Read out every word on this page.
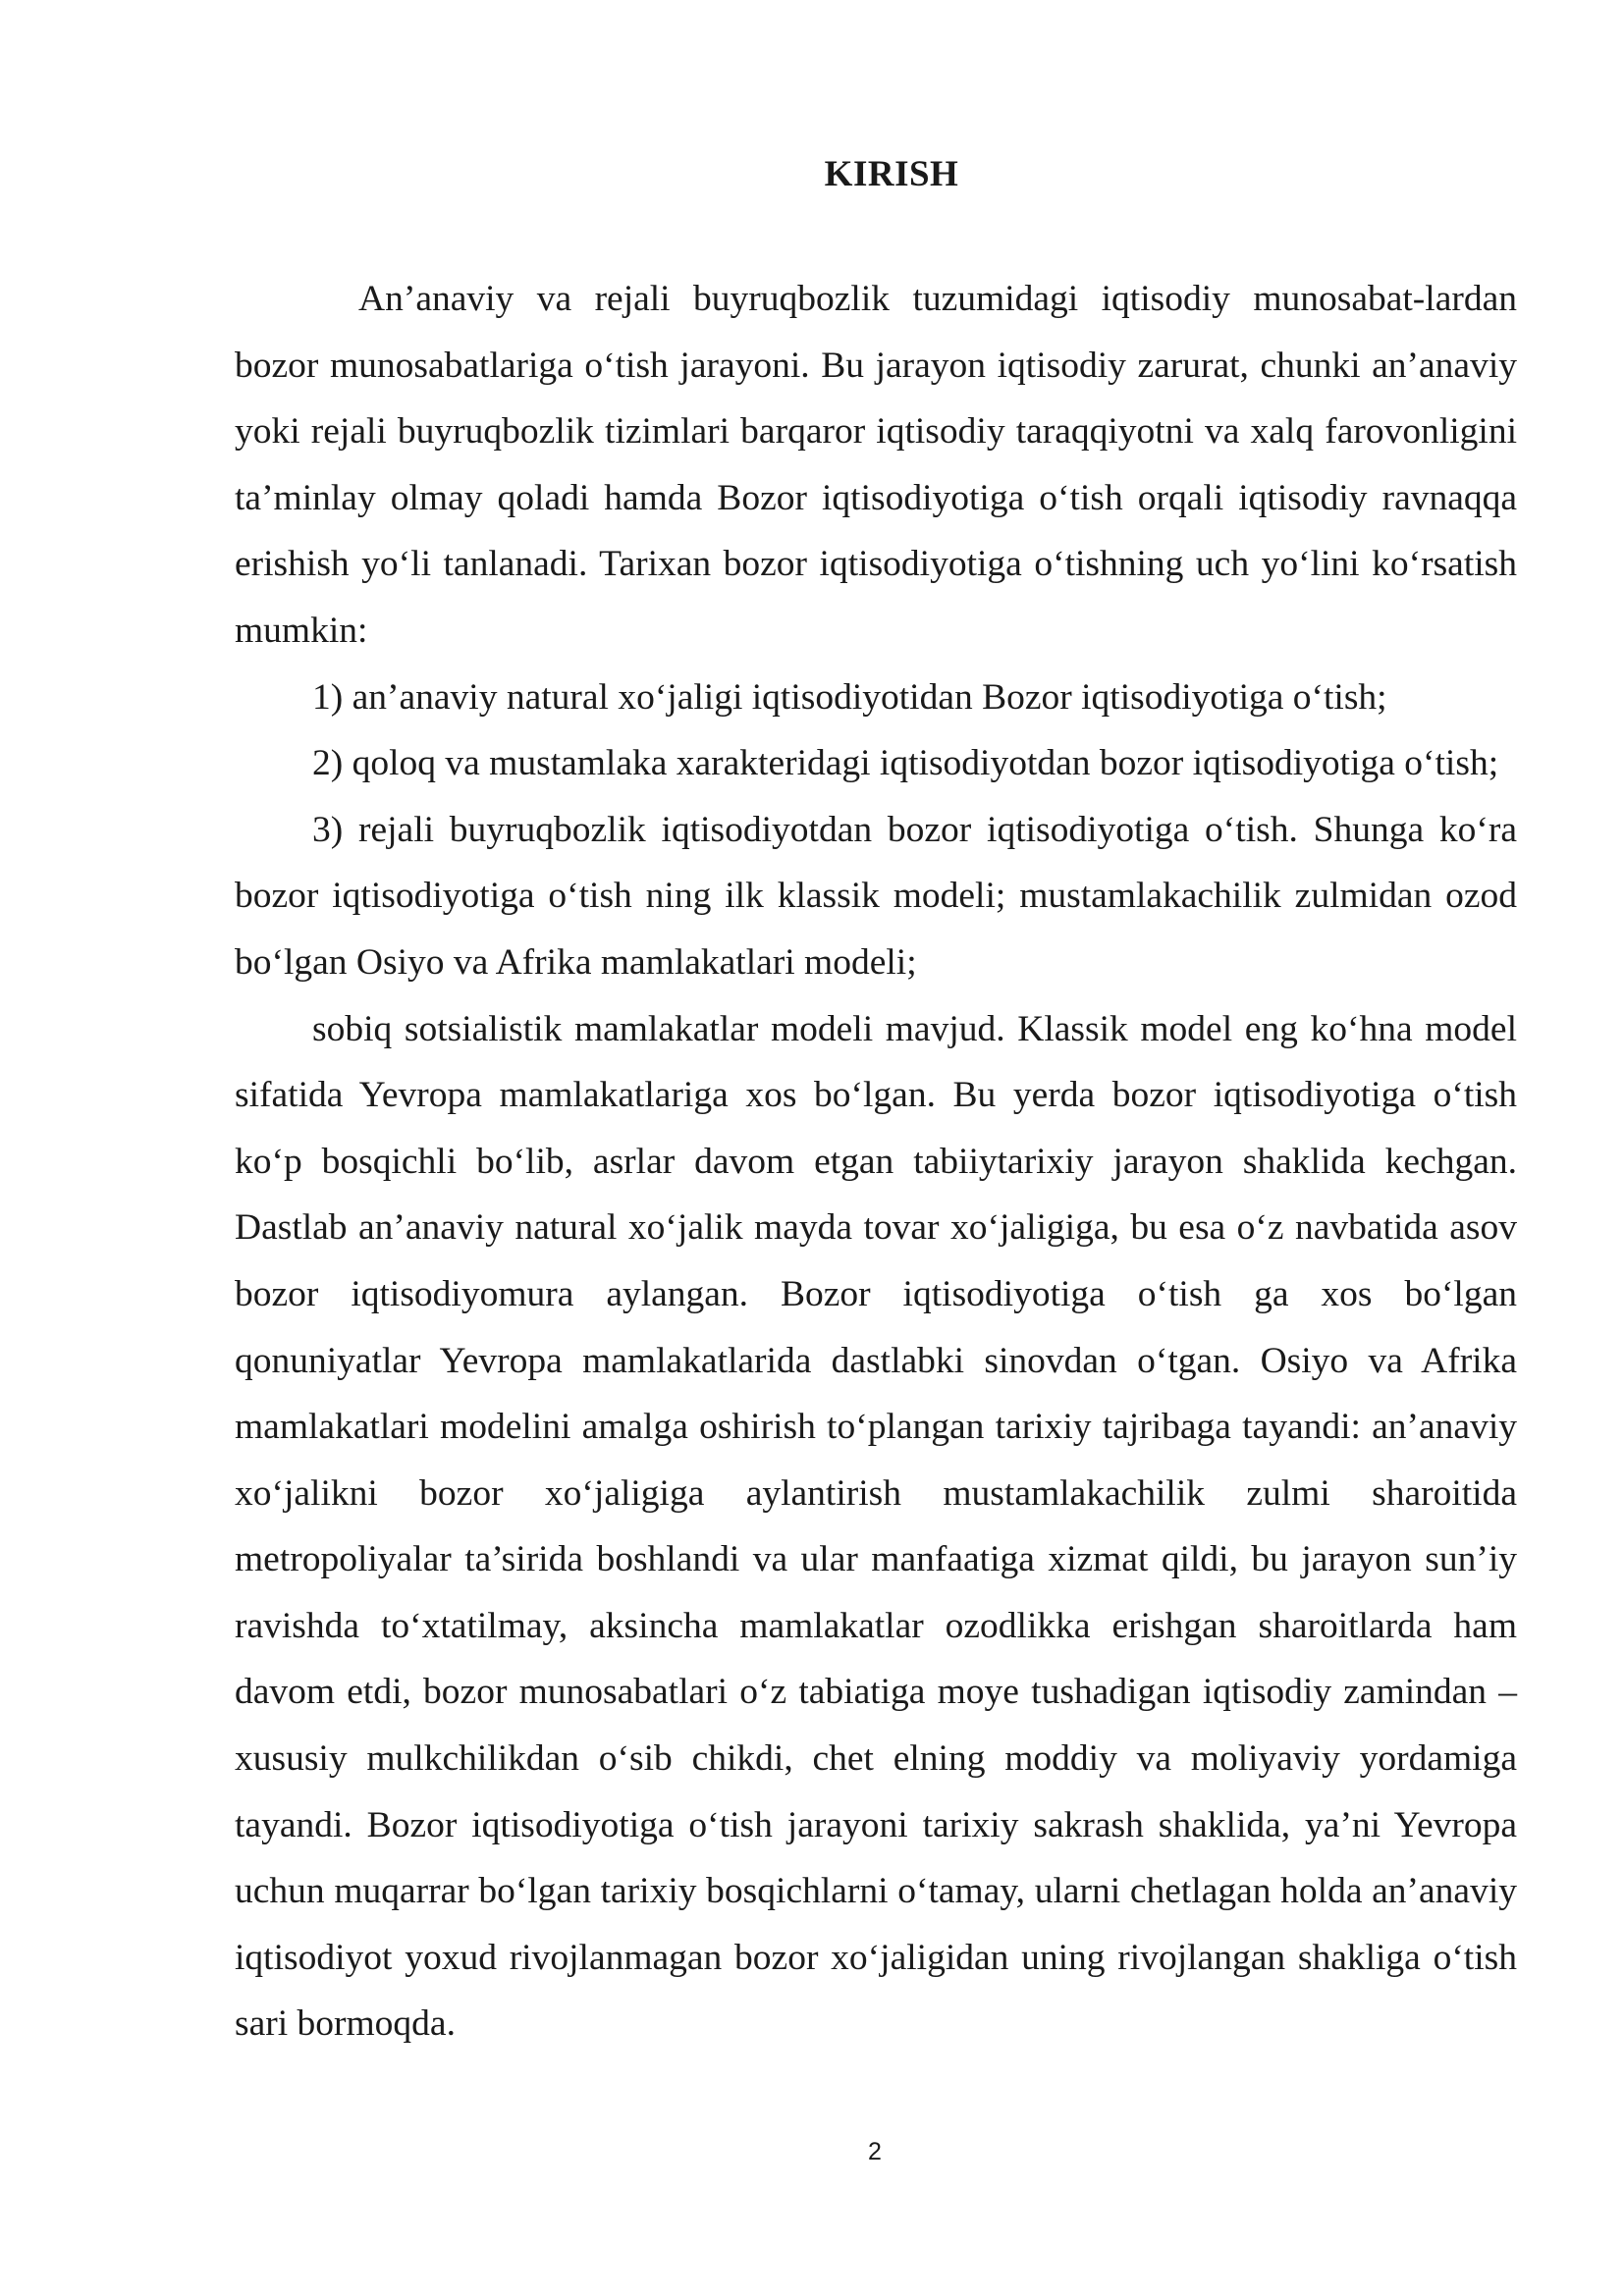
KIRISH

An’anaviy va rejali buyruqbozlik tuzumidagi iqtisodiy munosabat-lardan bozor munosabatlariga o‘tish jarayoni. Bu jarayon iqtisodiy zarurat, chunki an’anaviy yoki rejali buyruqbozlik tizimlari barqaror iqtisodiy taraqqiyotni va xalq farovonligini ta’minlay olmay qoladi hamda Bozor iqtisodiyotiga o‘tish orqali iqtisodiy ravnaqqa erishish yo‘li tanlanadi. Tarixan bozor iqtisodiyotiga o‘tishning uch yo‘lini ko‘rsatish mumkin:

1) an’anaviy natural xo‘jaligi iqtisodiyotidan Bozor iqtisodiyotiga o‘tish;

2) qoloq va mustamlaka xarakteridagi iqtisodiyotdan bozor iqtisodiyotiga o‘tish;

3) rejali buyruqbozlik iqtisodiyotdan bozor iqtisodiyotiga o‘tish. Shunga ko‘ra bozor iqtisodiyotiga o‘tish ning ilk klassik modeli; mustamlakachilik zulmidan ozod bo‘lgan Osiyo va Afrika mamlakatlari modeli;

sobiq sotsialistik mamlakatlar modeli mavjud. Klassik model eng ko‘hna model sifatida Yevropa mamlakatlariga xos bo‘lgan. Bu yerda bozor iqtisodiyotiga o‘tish ko‘p bosqichli bo‘lib, asrlar davom etgan tabiiytarixiy jarayon shaklida kechgan. Dastlab an’anaviy natural xo‘jalik mayda tovar xo‘jaligiga, bu esa o‘z navbatida asov bozor iqtisodiyomura aylangan. Bozor iqtisodiyotiga o‘tish ga xos bo‘lgan qonuniyatlar Yevropa mamlakatlarida dastlabki sinovdan o‘tgan. Osiyo va Afrika mamlakatlari modelini amalga oshirish to‘plangan tarixiy tajribaga tayandi: an’anaviy xo‘jalikni bozor xo‘jaligiga aylantirish mustamlakachilik zulmi sharoitida metropoliyalar ta’sirida boshlandi va ular manfaatiga xizmat qildi, bu jarayon sun’iy ravishda to‘xtatilmay, aksincha mamlakatlar ozodlikka erishgan sharoitlarda ham davom etdi, bozor munosabatlari o‘z tabiatiga moye tushadigan iqtisodiy zamindan – xususiy mulkchilikdan o‘sib chikdi, chet elning moddiy va moliyaviy yordamiga tayandi. Bozor iqtisodiyotiga o‘tish jarayoni tarixiy sakrash shaklida, ya’ni Yevropa uchun muqarrar bo‘lgan tarixiy bosqichlarni o‘tamay, ularni chetlagan holda an’anaviy iqtisodiyot yoxud rivojlanmagan bozor xo‘jaligidan uning rivojlangan shakliga o‘tish sari bormoqda.

2
